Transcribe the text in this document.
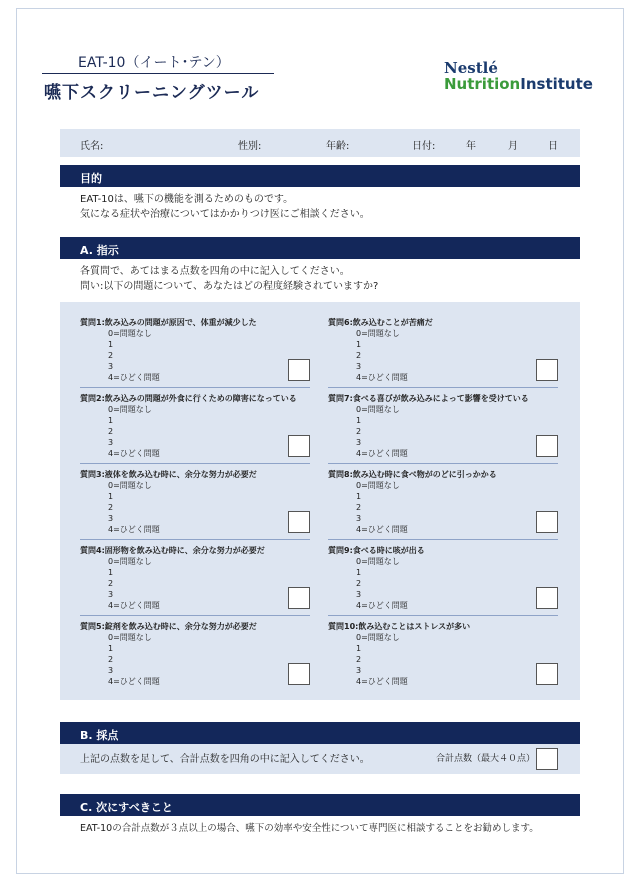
EAT-10（イート･テン）
嚥下スクリーニングツール
Nestlé
NutritionInstitute
氏名:	性別:	年齢:	日付:	年	月	日
目的
EAT-10は、嚥下の機能を測るためのものです。
気になる症状や治療についてはかかりつけ医にご相談ください。
A. 指示
各質問で、あてはまる点数を四角の中に記入してください。
問い:以下の問題について、あなたはどの程度経験されていますか?
質問1:飲み込みの問題が原因で、体重が減少した
0=問題なし
1
2
3
4=ひどく問題
質問2:飲み込みの問題が外食に行くための障害になっている
0=問題なし
1
2
3
4=ひどく問題
質問3:液体を飲み込む時に、余分な努力が必要だ
0=問題なし
1
2
3
4=ひどく問題
質問4:固形物を飲み込む時に、余分な努力が必要だ
0=問題なし
1
2
3
4=ひどく問題
質問5:錠剤を飲み込む時に、余分な努力が必要だ
0=問題なし
1
2
3
4=ひどく問題
質問6:飲み込むことが苦痛だ
0=問題なし
1
2
3
4=ひどく問題
質問7:食べる喜びが飲み込みによって影響を受けている
0=問題なし
1
2
3
4=ひどく問題
質問8:飲み込む時に食べ物がのどに引っかかる
0=問題なし
1
2
3
4=ひどく問題
質問9:食べる時に咳が出る
0=問題なし
1
2
3
4=ひどく問題
質問10:飲み込むことはストレスが多い
0=問題なし
1
2
3
4=ひどく問題
B. 採点
上記の点数を足して、合計点数を四角の中に記入してください。	合計点数（最大４０点）
C. 次にすべきこと
EAT-10の合計点数が３点以上の場合、嚥下の効率や安全性について専門医に相談することをお勧めします。
